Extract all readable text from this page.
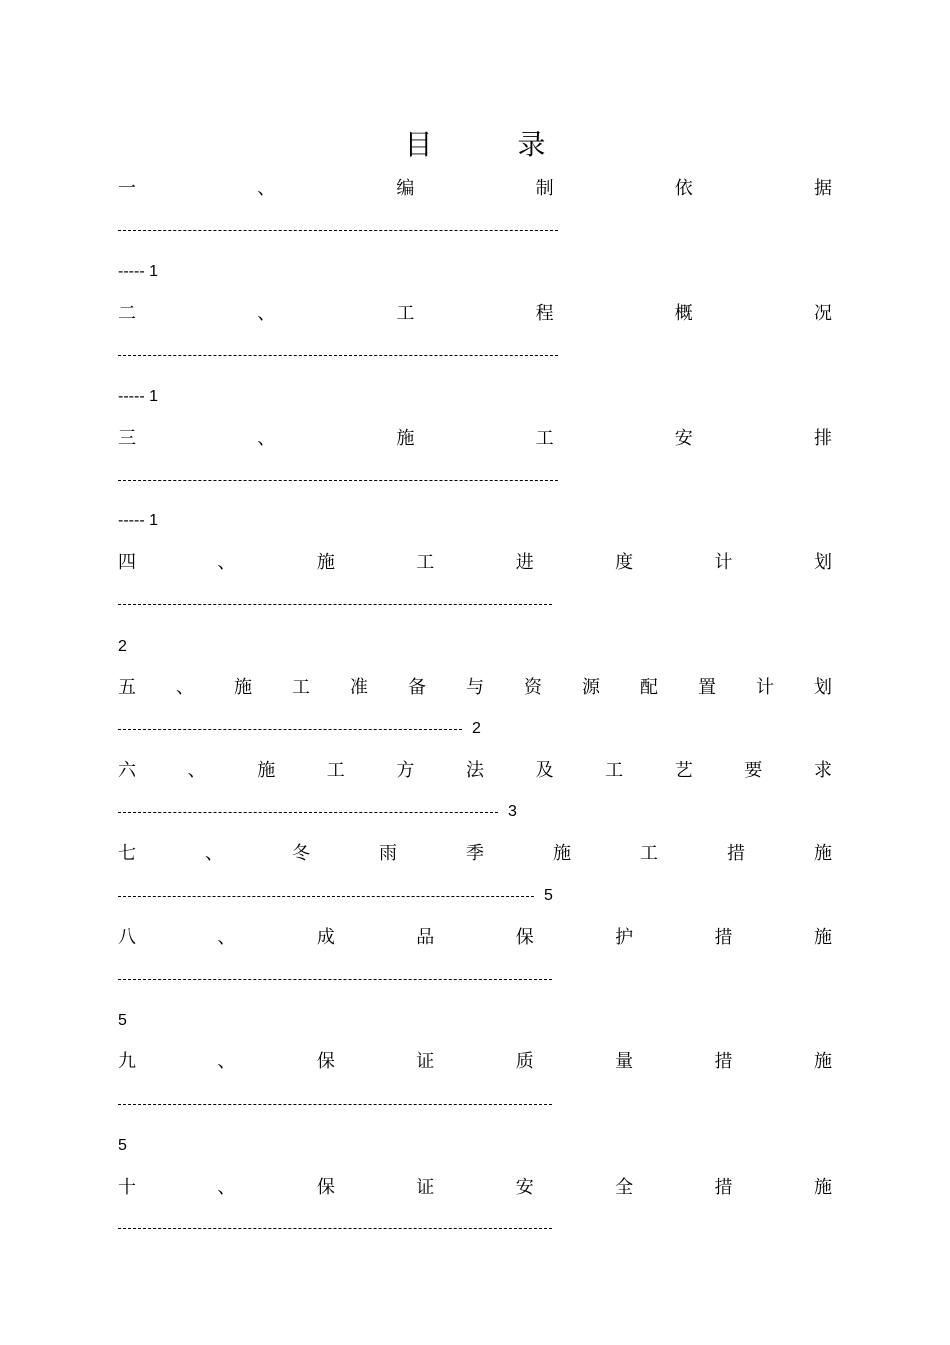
目 录
一	、	编	制	依	据
----- 1
二	、	工	程	概	况
----- 1
三	、	施	工	安	排
----- 1
四	、	施	工	进	度	计	划
2
五 、 施 工 准 备 与 资 源 配 置 计 划
2
六	、	施	工	方	法	及	工	艺	要	求
3
七	、	冬	雨	季	施	工	措	施
5
八	、	成	品	保	护	措	施
5
九	、	保	证	质	量	措	施
5
十	、	保	证	安	全	措	施
